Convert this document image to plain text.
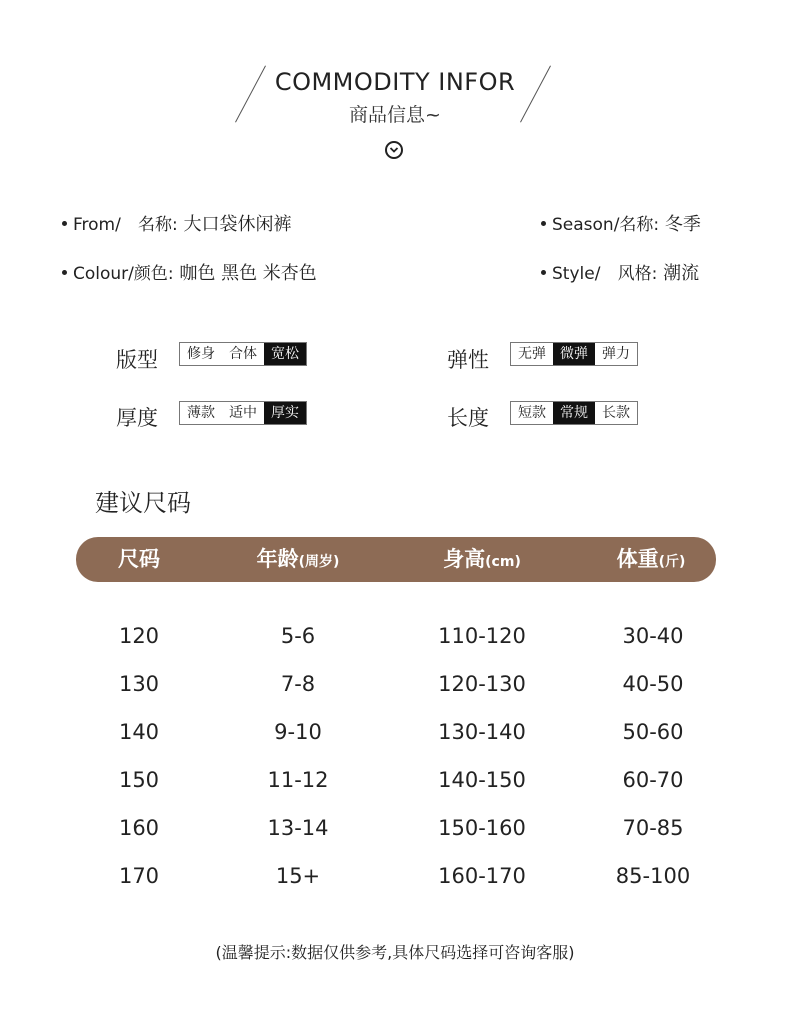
COMMODITY INFOR
商品信息~
From/ 名称: 大口袋休闲裤	Season/名称: 冬季
Colour/颜色: 咖色 黑色 米杏色	Style/ 风格: 潮流
版型	修身	合体	宽松	弹性	无弹	微弹	弹力
厚度	薄款	适中	厚实	长度	短款	常规	长款
建议尺码
尺码	年龄(周岁)	身高(cm)	体重(斤)
120	5-6	110-120	30-40
130	7-8	120-130	40-50
140	9-10	130-140	50-60
150	11-12	140-150	60-70
160	13-14	150-160	70-85
170	15+	160-170	85-100
(温馨提示:数据仅供参考,具体尺码选择可咨询客服)
